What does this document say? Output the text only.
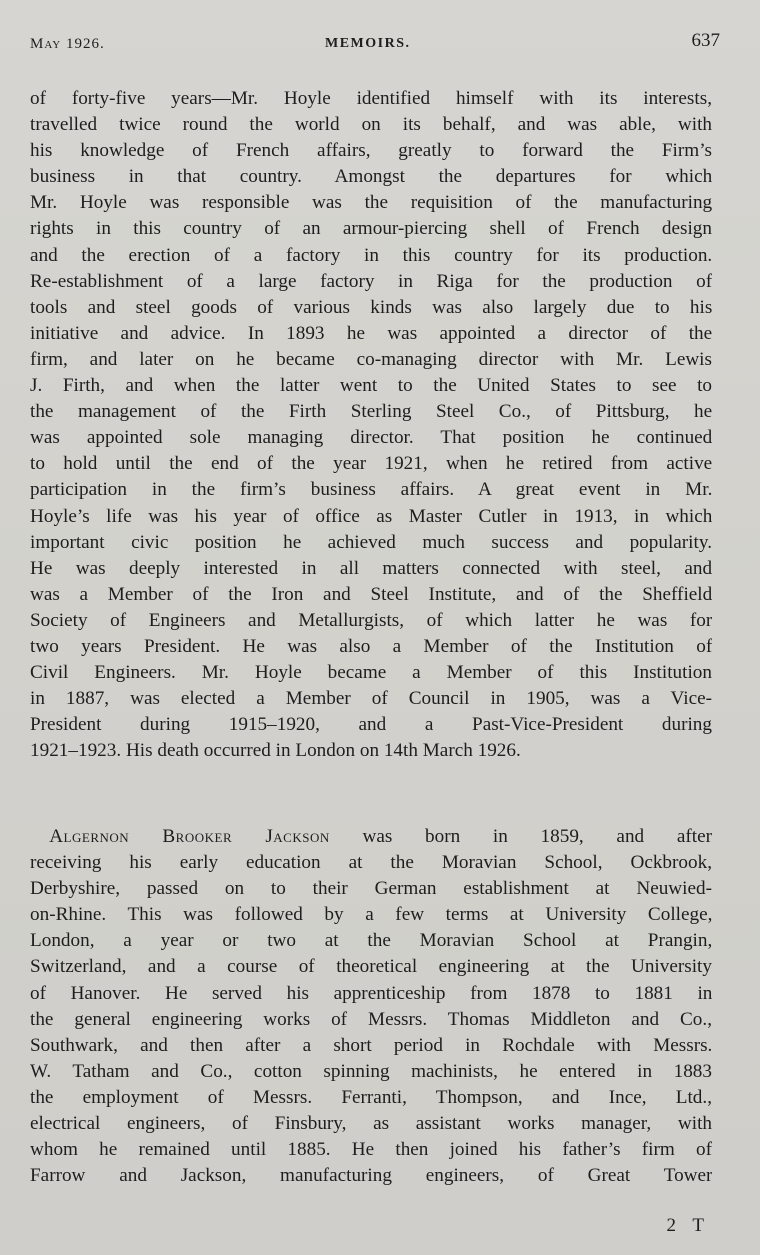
May 1926.	MEMOIRS.	637
of forty-five years—Mr. Hoyle identified himself with its interests,
travelled twice round the world on its behalf, and was able, with
his knowledge of French affairs, greatly to forward the Firm’s
business in that country. Amongst the departures for which
Mr. Hoyle was responsible was the requisition of the manufacturing
rights in this country of an armour-piercing shell of French design
and the erection of a factory in this country for its production.
Re-establishment of a large factory in Riga for the production of
tools and steel goods of various kinds was also largely due to his
initiative and advice. In 1893 he was appointed a director of the
firm, and later on he became co-managing director with Mr. Lewis
J. Firth, and when the latter went to the United States to see to
the management of the Firth Sterling Steel Co., of Pittsburg, he
was appointed sole managing director. That position he continued
to hold until the end of the year 1921, when he retired from active
participation in the firm’s business affairs. A great event in Mr.
Hoyle’s life was his year of office as Master Cutler in 1913, in which
important civic position he achieved much success and popularity.
He was deeply interested in all matters connected with steel, and
was a Member of the Iron and Steel Institute, and of the Sheffield
Society of Engineers and Metallurgists, of which latter he was for
two years President. He was also a Member of the Institution of
Civil Engineers. Mr. Hoyle became a Member of this Institution
in 1887, was elected a Member of Council in 1905, was a Vice-
President during 1915–1920, and a Past-Vice-President during
1921–1923. His death occurred in London on 14th March 1926.
 Algernon Brooker Jackson was born in 1859, and after
receiving his early education at the Moravian School, Ockbrook,
Derbyshire, passed on to their German establishment at Neuwied-
on-Rhine. This was followed by a few terms at University College,
London, a year or two at the Moravian School at Prangin,
Switzerland, and a course of theoretical engineering at the University
of Hanover. He served his apprenticeship from 1878 to 1881 in
the general engineering works of Messrs. Thomas Middleton and Co.,
Southwark, and then after a short period in Rochdale with Messrs.
W. Tatham and Co., cotton spinning machinists, he entered in 1883
the employment of Messrs. Ferranti, Thompson, and Ince, Ltd.,
electrical engineers, of Finsbury, as assistant works manager, with
whom he remained until 1885. He then joined his father’s firm of
Farrow and Jackson, manufacturing engineers, of Great Tower
2 T
